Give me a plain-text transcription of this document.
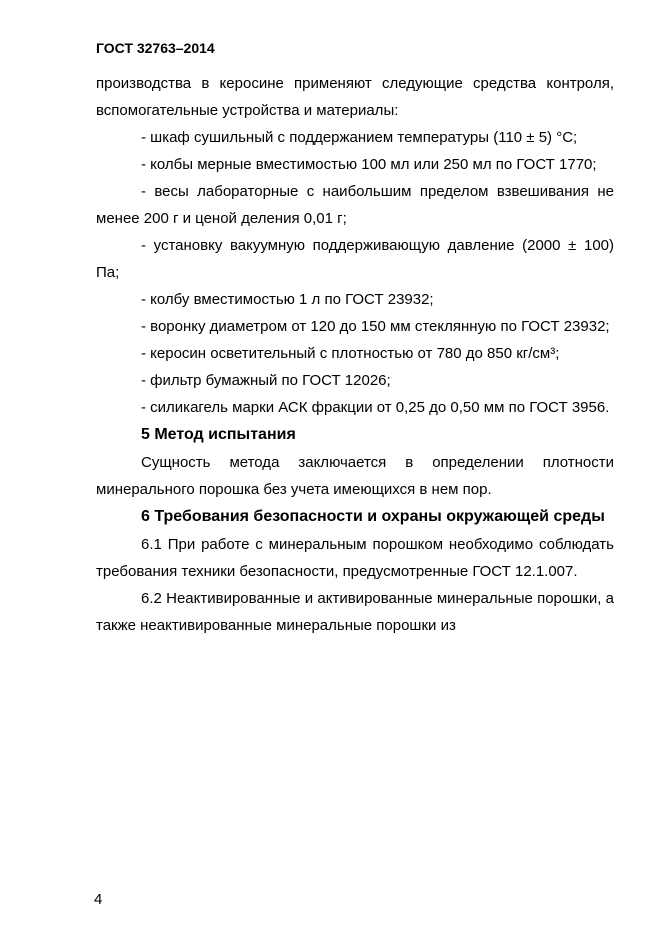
ГОСТ 32763–2014

производства в керосине применяют следующие средства контроля, вспомогательные устройства и материалы:

- шкаф сушильный с поддержанием температуры (110 ± 5) °C;

- колбы мерные вместимостью 100 мл или 250 мл по ГОСТ 1770;

- весы лабораторные с наибольшим пределом взвешивания не менее 200 г и ценой деления 0,01 г;

- установку вакуумную поддерживающую давление (2000 ± 100) Па;

- колбу вместимостью 1 л по ГОСТ 23932;

- воронку диаметром от 120 до 150 мм стеклянную по ГОСТ 23932;

- керосин осветительный с плотностью от 780 до 850 кг/см³;

- фильтр бумажный по ГОСТ 12026;

- силикагель марки АСК фракции от 0,25 до 0,50 мм по ГОСТ 3956.

5 Метод испытания

Сущность метода заключается в определении плотности минерального порошка без учета имеющихся в нем пор.

6 Требования безопасности и охраны окружающей среды

6.1 При работе с минеральным порошком необходимо соблюдать требования техники безопасности, предусмотренные ГОСТ 12.1.007.

6.2 Неактивированные и активированные минеральные порошки, а также неактивированные минеральные порошки из

4
